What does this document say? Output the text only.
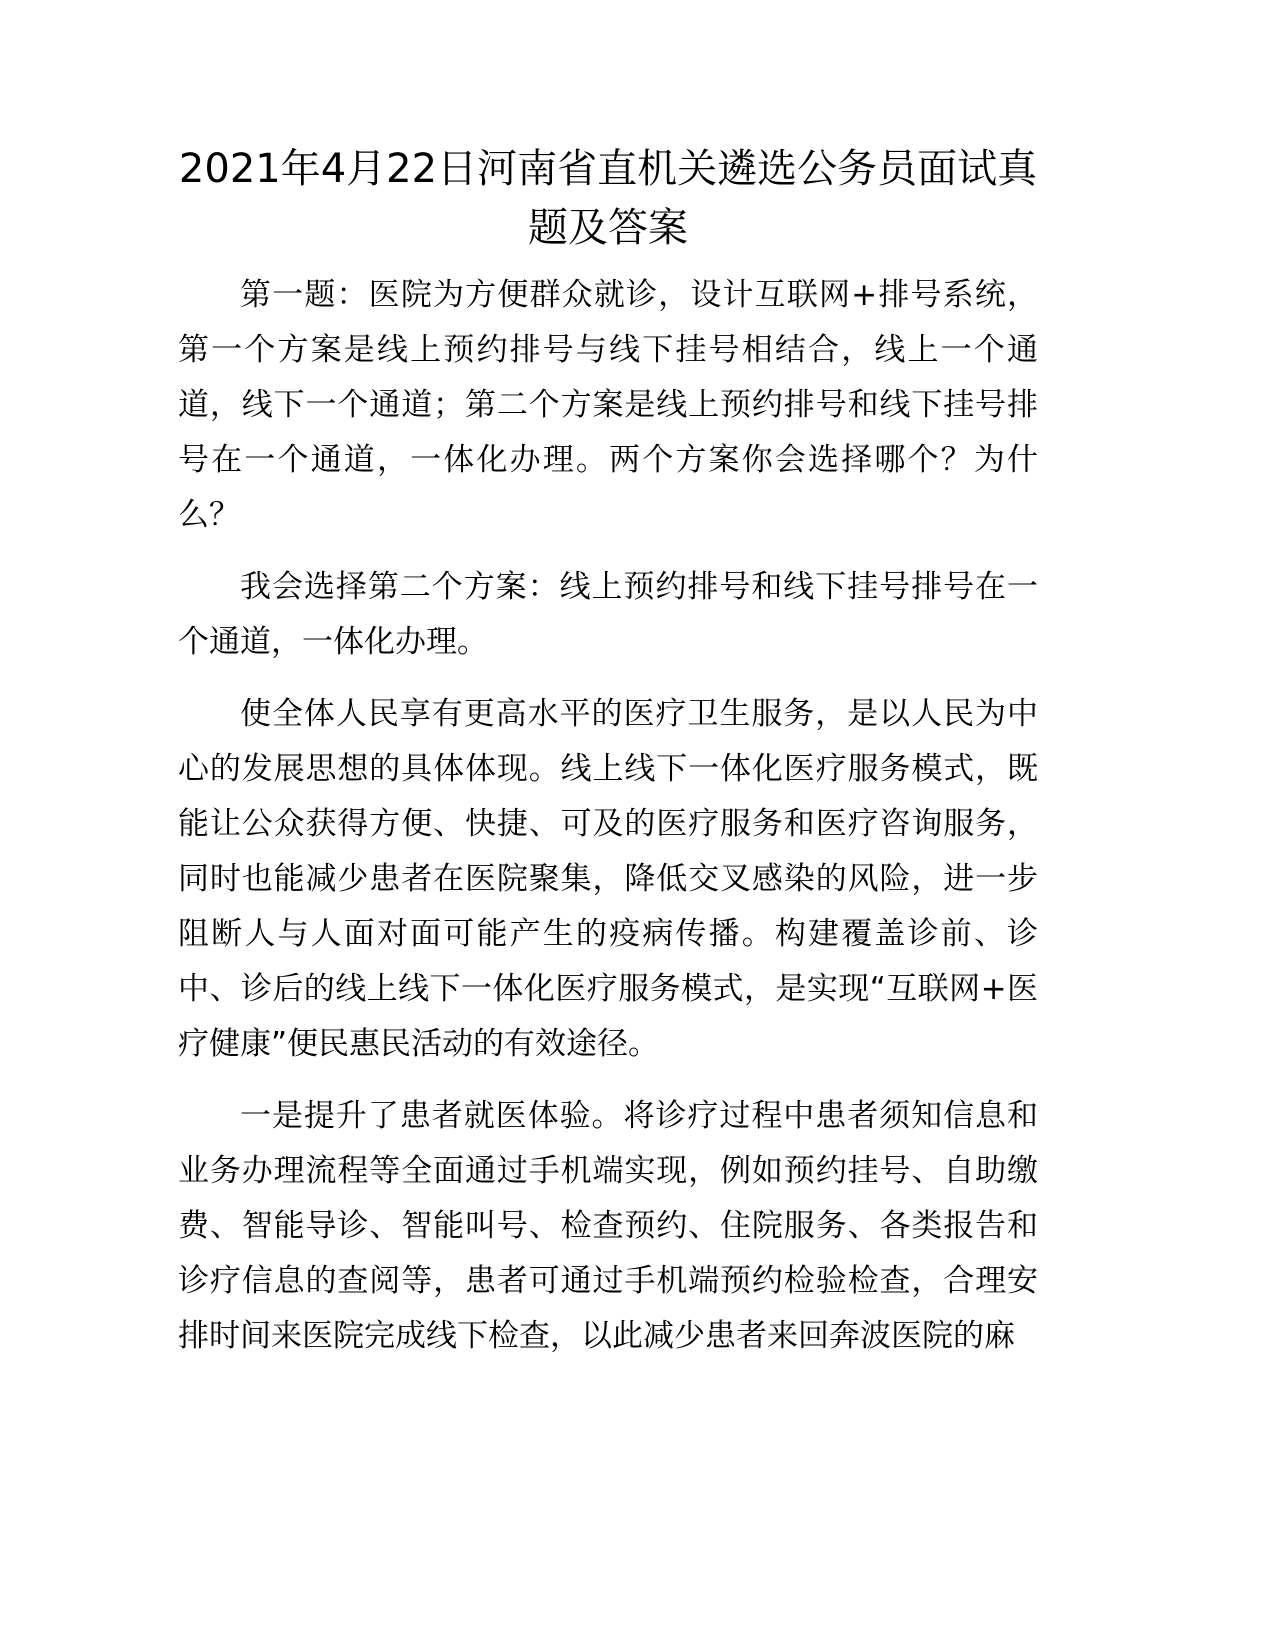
2021年4月22日河南省直机关遴选公务员面试真题及答案

第一题：医院为方便群众就诊，设计互联网+排号系统，第一个方案是线上预约排号与线下挂号相结合，线上一个通道，线下一个通道；第二个方案是线上预约排号和线下挂号排号在一个通道，一体化办理。两个方案你会选择哪个？为什么？

我会选择第二个方案：线上预约排号和线下挂号排号在一个通道，一体化办理。

使全体人民享有更高水平的医疗卫生服务，是以人民为中心的发展思想的具体体现。线上线下一体化医疗服务模式，既能让公众获得方便、快捷、可及的医疗服务和医疗咨询服务，同时也能减少患者在医院聚集，降低交叉感染的风险，进一步阻断人与人面对面可能产生的疫病传播。构建覆盖诊前、诊中、诊后的线上线下一体化医疗服务模式，是实现“互联网+医疗健康”便民惠民活动的有效途径。

一是提升了患者就医体验。将诊疗过程中患者须知信息和业务办理流程等全面通过手机端实现，例如预约挂号、自助缴费、智能导诊、智能叫号、检查预约、住院服务、各类报告和诊疗信息的查阅等，患者可通过手机端预约检验检查，合理安排时间来医院完成线下检查，以此减少患者来回奔波医院的麻
